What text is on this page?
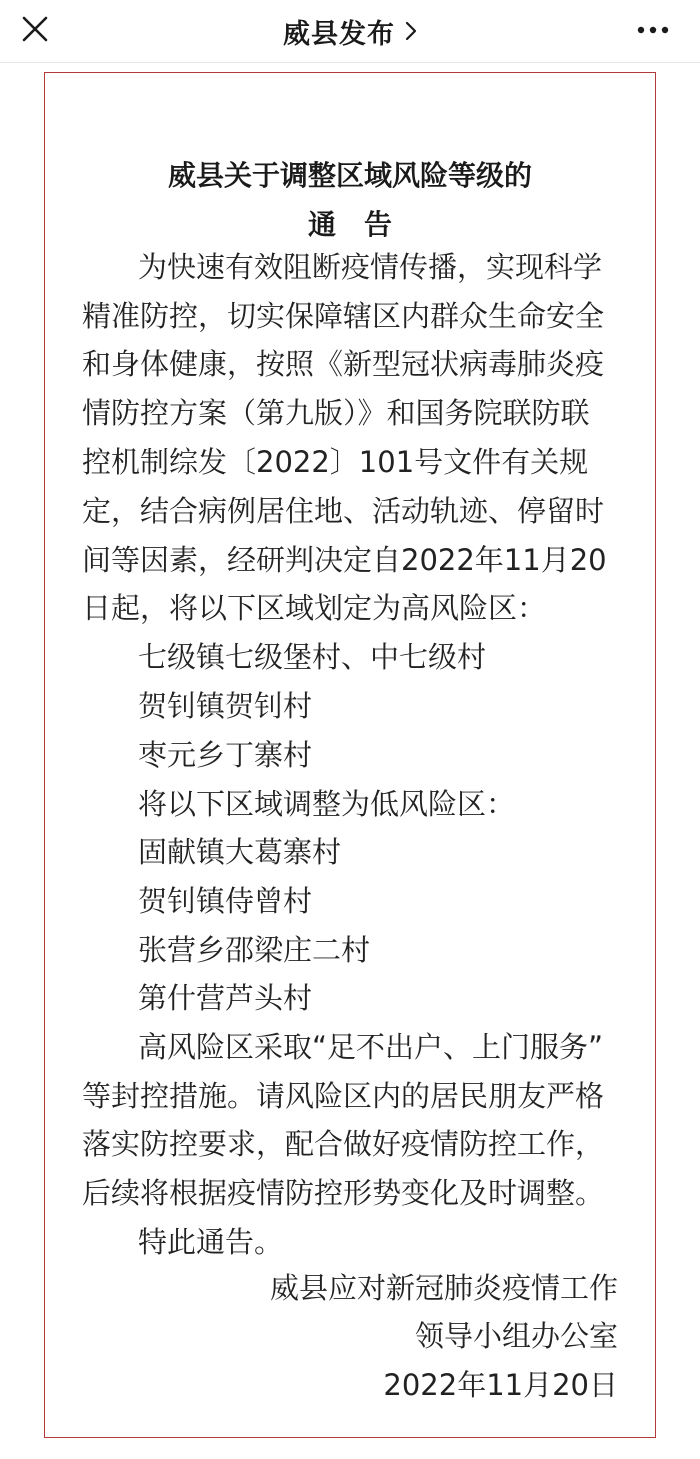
威县发布
威县关于调整区域风险等级的
通　告
为快速有效阻断疫情传播，实现科学
精准防控，切实保障辖区内群众生命安全
和身体健康，按照《新型冠状病毒肺炎疫
情防控方案（第九版）》和国务院联防联
控机制综发〔2022〕101号文件有关规
定，结合病例居住地、活动轨迹、停留时
间等因素，经研判决定自2022年11月20
日起，将以下区域划定为高风险区：
七级镇七级堡村、中七级村
贺钊镇贺钊村
枣元乡丁寨村
将以下区域调整为低风险区：
固献镇大葛寨村
贺钊镇侍曾村
张营乡邵梁庄二村
第什营芦头村
高风险区采取“足不出户、上门服务”
等封控措施。请风险区内的居民朋友严格
落实防控要求，配合做好疫情防控工作，
后续将根据疫情防控形势变化及时调整。
特此通告。
威县应对新冠肺炎疫情工作
领导小组办公室
2022年11月20日
